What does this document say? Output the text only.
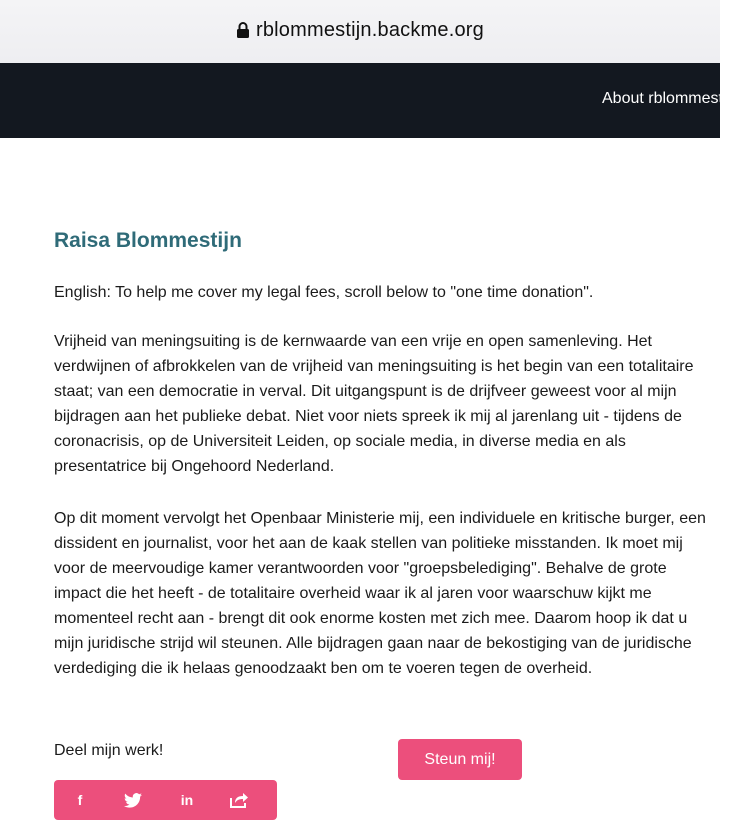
rblommestijn.backme.org
About rblommestijn
Raisa Blommestijn

English: To help me cover my legal fees, scroll below to "one time donation".

Vrijheid van meningsuiting is de kernwaarde van een vrije en open samenleving. Het verdwijnen of afbrokkelen van de vrijheid van meningsuiting is het begin van een totalitaire staat; van een democratie in verval. Dit uitgangspunt is de drijfveer geweest voor al mijn bijdragen aan het publieke debat. Niet voor niets spreek ik mij al jarenlang uit - tijdens de coronacrisis, op de Universiteit Leiden, op sociale media, in diverse media en als presentatrice bij Ongehoord Nederland.

Op dit moment vervolgt het Openbaar Ministerie mij, een individuele en kritische burger, een dissident en journalist, voor het aan de kaak stellen van politieke misstanden. Ik moet mij voor de meervoudige kamer verantwoorden voor "groepsbelediging". Behalve de grote impact die het heeft - de totalitaire overheid waar ik al jaren voor waarschuw kijkt me momenteel recht aan - brengt dit ook enorme kosten met zich mee. Daarom hoop ik dat u mijn juridische strijd wil steunen. Alle bijdragen gaan naar de bekostiging van de juridische verdediging die ik helaas genoodzaakt ben om te voeren tegen de overheid.

Deel mijn werk!	Steun mij!
f	in
